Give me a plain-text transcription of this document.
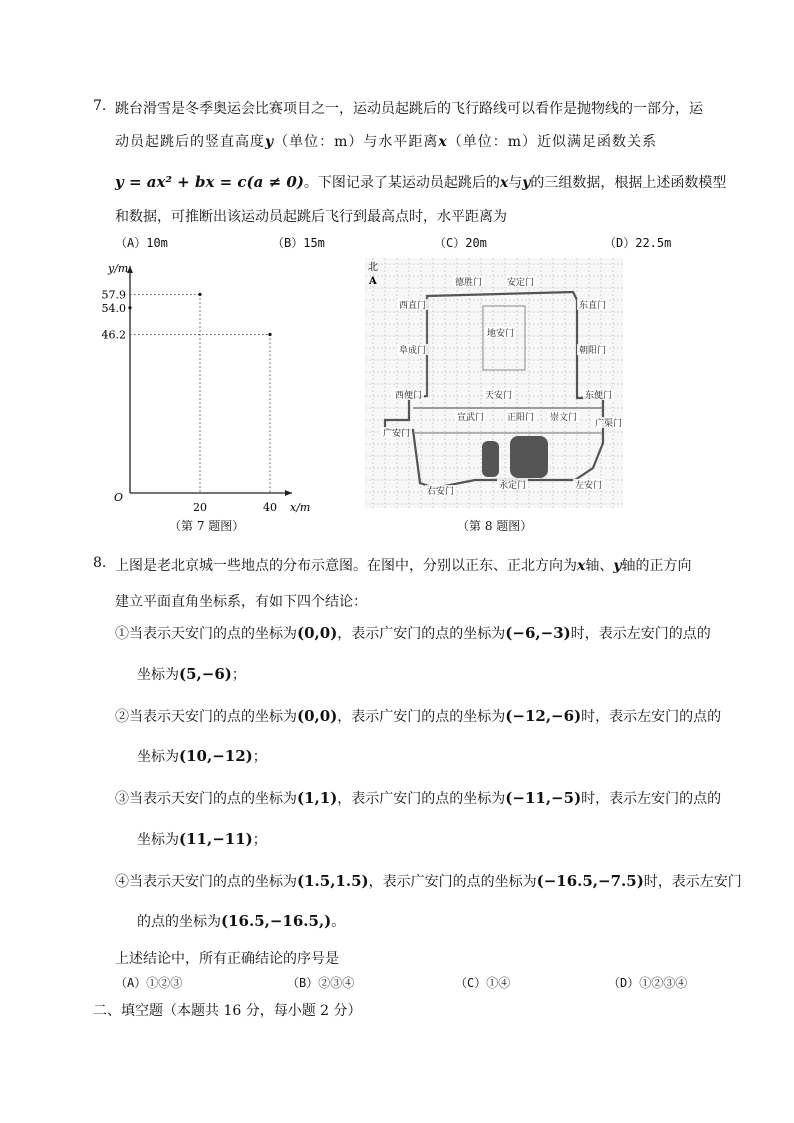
7. 跳台滑雪是冬季奥运会比赛项目之一，运动员起跳后的飞行路线可以看作是抛物线的一部分，运
动员起跳后的竖直高度y（单位：m）与水平距离x（单位：m）近似满足函数关系
y = ax² + bx = c(a ≠ 0)。下图记录了某运动员起跳后的x与y的三组数据，根据上述函数模型
和数据，可推断出该运动员起跳后飞行到最高点时，水平距离为
（A）10m	（B）15m	（C）20m	（D）22.5m
y/m
x/m
O
57.9
54.0
46.2
20	40
（第 7 题图）
德胜门	安定门
西直门	东直门
地安门
阜成门	朝阳门
西便门	天安门	东便门
宣武门	正阳门 崇文门
广安门
广渠门
右安门
永定门	左安门
北
A
（第 8 题图）
8. 上图是老北京城一些地点的分布示意图。在图中，分别以正东、正北方向为x轴、y轴的正方向
建立平面直角坐标系，有如下四个结论：
①当表示天安门的点的坐标为(0,0)，表示广安门的点的坐标为(−6,−3)时，表示左安门的点的
坐标为(5,−6)；
②当表示天安门的点的坐标为(0,0)，表示广安门的点的坐标为(−12,−6)时，表示左安门的点的
坐标为(10,−12)；
③当表示天安门的点的坐标为(1,1)，表示广安门的点的坐标为(−11,−5)时，表示左安门的点的
坐标为(11,−11)；
④当表示天安门的点的坐标为(1.5,1.5)，表示广安门的点的坐标为(−16.5,−7.5)时，表示左安门
的点的坐标为(16.5,−16.5,)。
上述结论中，所有正确结论的序号是
（A）①②③	（B）②③④	（C）①④	（D）①②③④
二、填空题（本题共 16 分，每小题 2 分）
